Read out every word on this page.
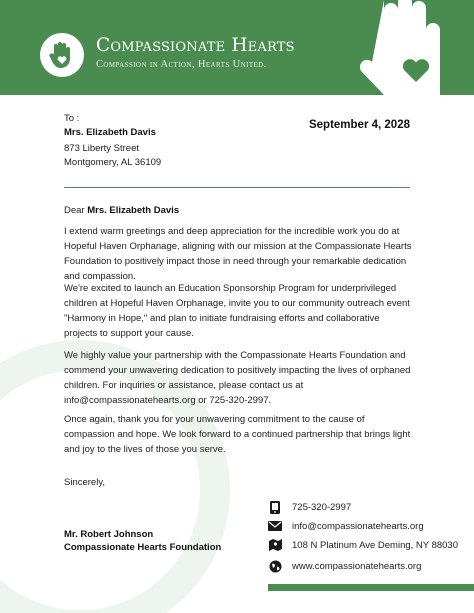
Compassionate Hearts
Compassion in Action, Hearts United.
To :
Mrs. Elizabeth Davis
873 Liberty Street
Montgomery, AL 36109
September 4, 2028
Dear Mrs. Elizabeth Davis
I extend warm greetings and deep appreciation for the incredible work you do at Hopeful Haven Orphanage, aligning with our mission at the Compassionate Hearts Foundation to positively impact those in need through your remarkable dedication and compassion.
We're excited to launch an Education Sponsorship Program for underprivileged children at Hopeful Haven Orphanage, invite you to our community outreach event "Harmony in Hope," and plan to initiate fundraising efforts and collaborative projects to support your cause.
We highly value your partnership with the Compassionate Hearts Foundation and commend your unwavering dedication to positively impacting the lives of orphaned children. For inquiries or assistance, please contact us at info@compassionatehearts.org or 725-320-2997.
Once again, thank you for your unwavering commitment to the cause of compassion and hope. We look forward to a continued partnership that brings light and joy to the lives of those you serve.
Sincerely,
Mr. Robert Johnson
Compassionate Hearts Foundation
725-320-2997
info@compassionatehearts.org
108 N Platinum Ave Deming, NY 88030
www.compassionatehearts.org
